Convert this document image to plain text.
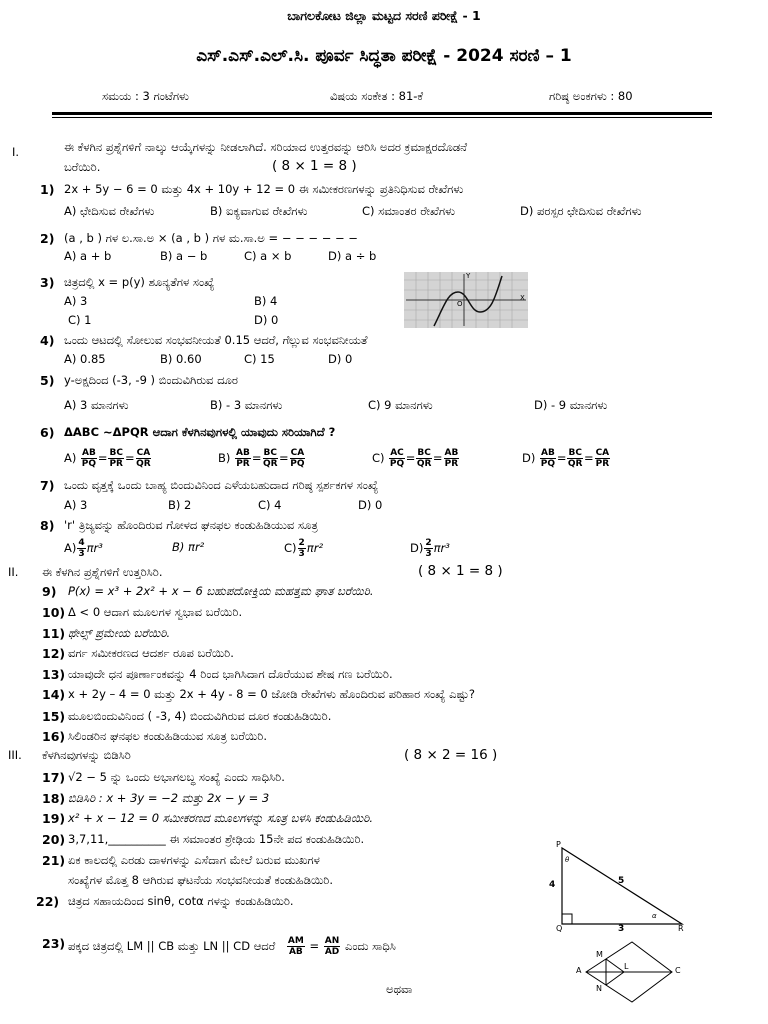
ಬಾಗಲಕೋಟ ಜಿಲ್ಲಾ ಮಟ್ಟದ ಸರಣಿ ಪರೀಕ್ಷೆ - 1
ಎಸ್.ಎಸ್.ಎಲ್.ಸಿ. ಪೂರ್ವ ಸಿದ್ಧತಾ ಪರೀಕ್ಷೆ - 2024 ಸರಣಿ – 1
ಸಮಯ : 3 ಗಂಟೆಗಳು	ವಿಷಯ ಸಂಕೇತ : 81-ಕೆ	ಗರಿಷ್ಠ ಅಂಕಗಳು : 80
I.	ಈ ಕೆಳಗಿನ ಪ್ರಶ್ನೆಗಳಿಗೆ ನಾಲ್ಕು ಆಯ್ಕೆಗಳನ್ನು ನೀಡಲಾಗಿದೆ. ಸರಿಯಾದ ಉತ್ತರವನ್ನು ಆರಿಸಿ ಅದರ ಕ್ರಮಾಕ್ಷರದೊಡನೆ
ಬರೆಯಿರಿ.	( 8 × 1 = 8 )
1) 2x + 5y − 6 = 0 ಮತ್ತು 4x + 10y + 12 = 0 ಈ ಸಮೀಕರಣಗಳನ್ನು ಪ್ರತಿನಿಧಿಸುವ ರೇಖೆಗಳು
A) ಛೇದಿಸುವ ರೇಖೆಗಳು	B) ಐಕ್ಯವಾಗುವ ರೇಖೆಗಳು	C) ಸಮಾಂತರ ರೇಖೆಗಳು	D) ಪರಸ್ಪರ ಛೇದಿಸುವ ರೇಖೆಗಳು
2) (a , b ) ಗಳ ಲ.ಸಾ.ಅ × (a , b ) ಗಳ ಮ.ಸಾ.ಅ = − − − − − −
A) a + b	B) a − b	C) a × b	D) a ÷ b
3) ಚಿತ್ರದಲ್ಲಿ x = p(y) ಶೂನ್ಯತೆಗಳ ಸಂಖ್ಯೆ
A) 3	B) 4
C) 1	D) 0
X
Y
O
4) ಒಂದು ಆಟದಲ್ಲಿ ಸೋಲುವ ಸಂಭವನೀಯತೆ 0.15 ಆದರೆ, ಗೆಲ್ಲುವ ಸಂಭವನೀಯತೆ
A) 0.85	B) 0.60	C) 15	D) 0
5) y-ಅಕ್ಷದಿಂದ (-3, -9 ) ಬಿಂದುವಿಗಿರುವ ದೂರ
A) 3 ಮಾನಗಳು	B) - 3 ಮಾನಗಳು	C) 9 ಮಾನಗಳು	D) - 9 ಮಾನಗಳು
6) ΔABC ~ΔPQR ಆದಾಗ ಕೆಳಗಿನವುಗಳಲ್ಲಿ ಯಾವುದು ಸರಿಯಾಗಿದೆ ?
$A) \frac{AB}{PQ} = \frac{BC}{PR} = \frac{CA}{QR}$	$B) \frac{AB}{PR} = \frac{BC}{QR} = \frac{CA}{PQ}$	$C) \frac{AC}{PQ} = \frac{BC}{QR} = \frac{AB}{PR}$	$D) \frac{AB}{PQ} = \frac{BC}{QR} = \frac{CA}{PR}$
7) ಒಂದು ವೃತ್ತಕ್ಕೆ ಒಂದು ಬಾಹ್ಯ ಬಿಂದುವಿನಿಂದ ಎಳೆಯಬಹುದಾದ ಗರಿಷ್ಠ ಸ್ಪರ್ಶಕಗಳ ಸಂಖ್ಯೆ
A) 3	B) 2	C) 4	D) 0
8) 'r' ತ್ರಿಜ್ಯವನ್ನು ಹೊಂದಿರುವ ಗೋಳದ ಘನಫಲ ಕಂಡುಹಿಡಿಯುವ ಸೂತ್ರ
$A) \frac{4}{3} \pi r^3$	B) πr²	$C) \frac{2}{3} \pi r^2$	$D) \frac{2}{3} \pi r^3$
II. ಈ ಕೆಳಗಿನ ಪ್ರಶ್ನೆಗಳಿಗೆ ಉತ್ತರಿಸಿರಿ.	( 8 × 1 = 8 )
9) P(x) = x³ + 2x² + x − 6 ಬಹುಪದೋಕ್ತಿಯ ಮಹತ್ತಮ ಘಾತ ಬರೆಯಿರಿ.
10) Δ < 0 ಆದಾಗ ಮೂಲಗಳ ಸ್ವಭಾವ ಬರೆಯಿರಿ.
11) ಥೇಲ್ಸ್ ಪ್ರಮೇಯ ಬರೆಯಿರಿ.
12) ವರ್ಗ ಸಮೀಕರಣದ ಆದರ್ಶ ರೂಪ ಬರೆಯಿರಿ.
13) ಯಾವುದೇ ಧನ ಪೂರ್ಣಾಂಕವನ್ನು 4 ರಿಂದ ಭಾಗಿಸಿದಾಗ ದೊರೆಯುವ ಶೇಷ ಗಣ ಬರೆಯಿರಿ.
14) x + 2y – 4 = 0 ಮತ್ತು 2x + 4y - 8 = 0 ಜೋಡಿ ರೇಖೆಗಳು ಹೊಂದಿರುವ ಪರಿಹಾರ ಸಂಖ್ಯೆ ಎಷ್ಟು?
15) ಮೂಲಬಿಂದುವಿನಿಂದ ( -3, 4) ಬಿಂದುವಿಗಿರುವ ದೂರ ಕಂಡುಹಿಡಿಯಿರಿ.
16) ಸಿಲಿಂಡರಿನ ಘನಫಲ ಕಂಡುಹಿಡಿಯುವ ಸೂತ್ರ ಬರೆಯಿರಿ.
III. ಕೆಳಗಿನವುಗಳನ್ನು ಬಿಡಿಸಿರಿ	( 8 × 2 = 16 )
17) √2 − 5 ನ್ನು ಒಂದು ಅಭಾಗಲಬ್ಧ ಸಂಖ್ಯೆ ಎಂದು ಸಾಧಿಸಿರಿ.
18) ಬಿಡಿಸಿರಿ : x + 3y = −2 ಮತ್ತು 2x − y = 3
19) x² + x − 12 = 0 ಸಮೀಕರಣದ ಮೂಲಗಳನ್ನು ಸೂತ್ರ ಬಳಸಿ ಕಂಡುಹಿಡಿಯಿರಿ.
20) 3,7,11,__________ ಈ ಸಮಾಂತರ ಶ್ರೇಢಿಯ 15ನೇ ಪದ ಕಂಡುಹಿಡಿಯಿರಿ.
21) ಏಕ ಕಾಲದಲ್ಲಿ ಎರಡು ದಾಳಗಳನ್ನು ಎಸೆದಾಗ ಮೇಲೆ ಬರುವ ಮುಖಗಳ
ಸಂಖ್ಯೆಗಳ ಮೊತ್ತ 8 ಆಗಿರುವ ಘಟನೆಯ ಸಂಭವನೀಯತೆ ಕಂಡುಹಿಡಿಯಿರಿ.
22) ಚಿತ್ರದ ಸಹಾಯದಿಂದ sinθ, cotα ಗಳನ್ನು ಕಂಡುಹಿಡಿಯಿರಿ.
23) ಪಕ್ಕದ ಚಿತ್ರದಲ್ಲಿ LM || CB ಮತ್ತು LN || CD ಆದರೆ $\frac{AM}{AB} = \frac{AN}{AD}$ ಎಂದು ಸಾಧಿಸಿ
ಅಥವಾ
P
Q	R
4	5
3
θ
α
A	C
M
L
N
